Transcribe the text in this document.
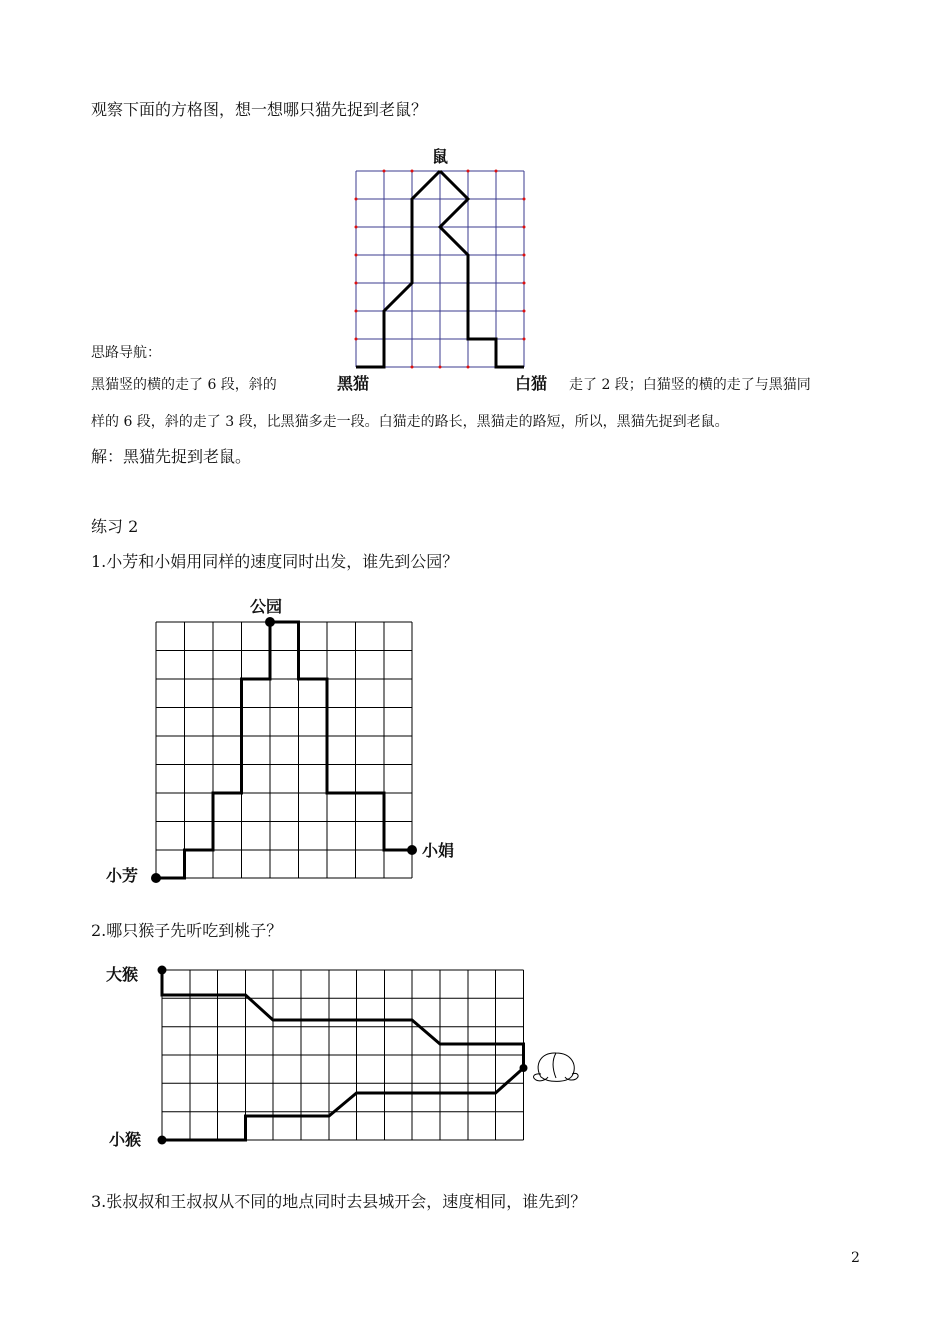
观察下面的方格图，想一想哪只猫先捉到老鼠？
鼠
思路导航：
黑猫竖的横的走了 6 段，斜的	黑猫	白猫 走了 2 段；白猫竖的横的走了与黑猫同
样的 6 段，斜的走了 3 段，比黑猫多走一段。白猫走的路长，黑猫走的路短，所以，黑猫先捉到老鼠。
解：黑猫先捉到老鼠。
练习 2
1.小芳和小娟用同样的速度同时出发，谁先到公园？
公园
小芳
小娟
2.哪只猴子先听吃到桃子？
大猴
小猴
3.张叔叔和王叔叔从不同的地点同时去县城开会，速度相同，谁先到？
2
